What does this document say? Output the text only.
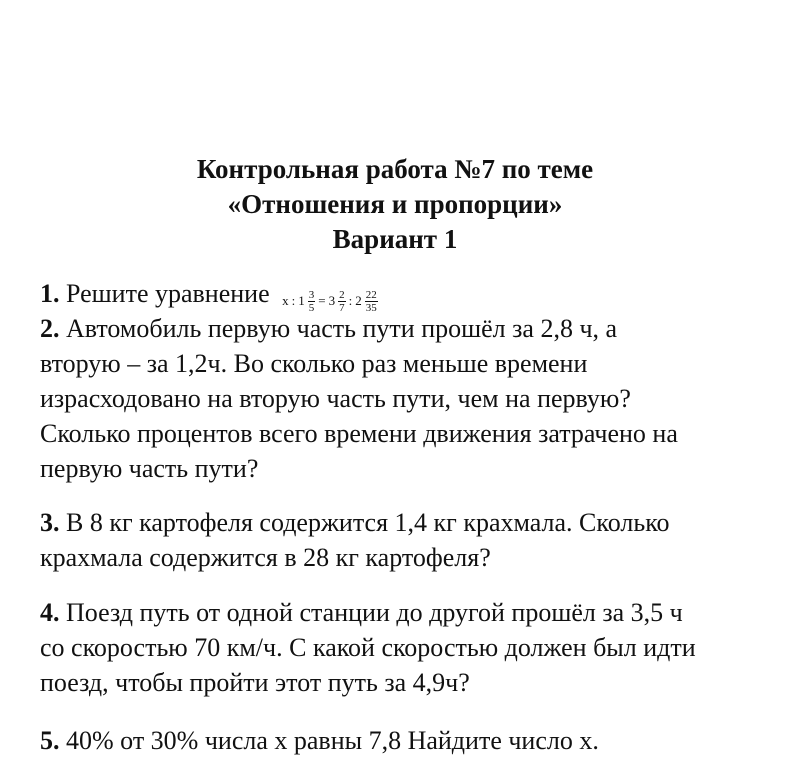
Контрольная работа №7 по теме
«Отношения и пропорции»
Вариант 1
1. Решите уравнение x : $1 \frac{3}{5} = 3 \frac{2}{7}$ : $2 \frac{22}{35}$
2. Автомобиль первую часть пути прошёл за 2,8 ч, а
вторую – за 1,2ч. Во сколько раз меньше времени
израсходовано на вторую часть пути, чем на первую?
Сколько процентов всего времени движения затрачено на
первую часть пути?
3. В 8 кг картофеля содержится 1,4 кг крахмала. Сколько
крахмала содержится в 28 кг картофеля?
4. Поезд путь от одной станции до другой прошёл за 3,5 ч
со скоростью 70 км/ч. С какой скоростью должен был идти
поезд, чтобы пройти этот путь за 4,9ч?
5. 40% от 30% числа х равны 7,8 Найдите число х.
